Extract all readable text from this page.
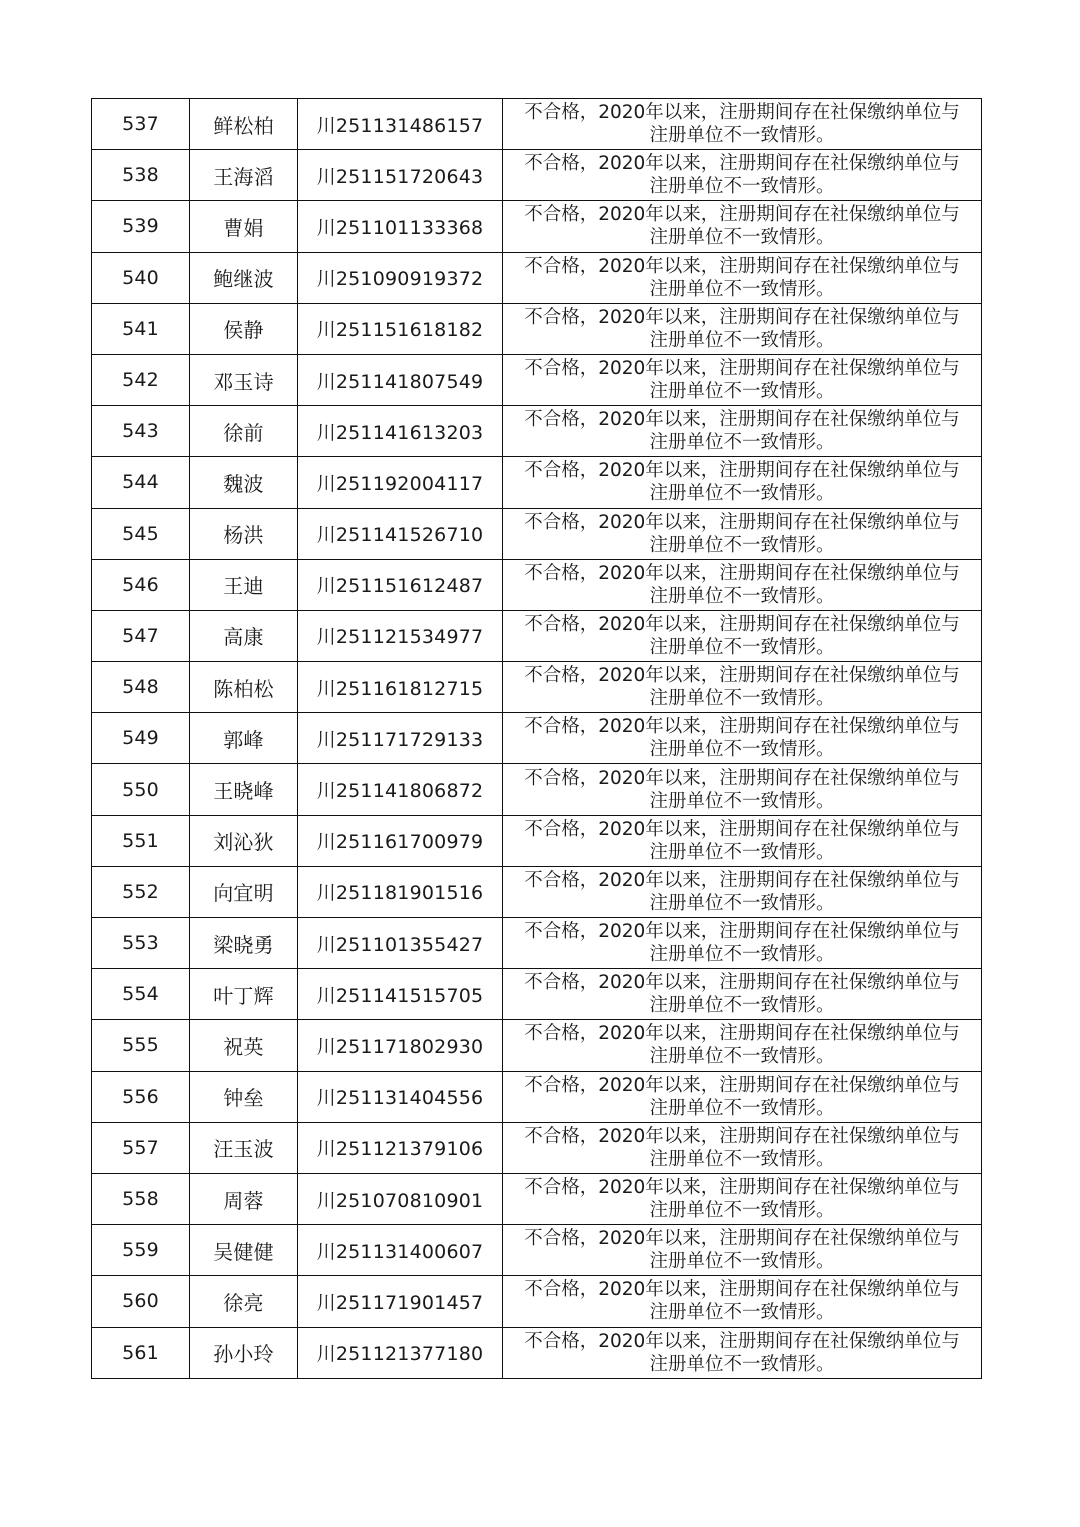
537	鲜松柏	川251131486157	不合格，2020年以来，注册期间存在社保缴纳单位与
注册单位不一致情形。

538	王海滔	川251151720643	不合格，2020年以来，注册期间存在社保缴纳单位与
注册单位不一致情形。

539	曹娟	川251101133368	不合格，2020年以来，注册期间存在社保缴纳单位与
注册单位不一致情形。

540	鲍继波	川251090919372	不合格，2020年以来，注册期间存在社保缴纳单位与
注册单位不一致情形。

541	侯静	川251151618182	不合格，2020年以来，注册期间存在社保缴纳单位与
注册单位不一致情形。

542	邓玉诗	川251141807549	不合格，2020年以来，注册期间存在社保缴纳单位与
注册单位不一致情形。

543	徐前	川251141613203	不合格，2020年以来，注册期间存在社保缴纳单位与
注册单位不一致情形。

544	魏波	川251192004117	不合格，2020年以来，注册期间存在社保缴纳单位与
注册单位不一致情形。

545	杨洪	川251141526710	不合格，2020年以来，注册期间存在社保缴纳单位与
注册单位不一致情形。

546	王迪	川251151612487	不合格，2020年以来，注册期间存在社保缴纳单位与
注册单位不一致情形。

547	高康	川251121534977	不合格，2020年以来，注册期间存在社保缴纳单位与
注册单位不一致情形。

548	陈柏松	川251161812715	不合格，2020年以来，注册期间存在社保缴纳单位与
注册单位不一致情形。

549	郭峰	川251171729133	不合格，2020年以来，注册期间存在社保缴纳单位与
注册单位不一致情形。

550	王晓峰	川251141806872	不合格，2020年以来，注册期间存在社保缴纳单位与
注册单位不一致情形。

551	刘沁狄	川251161700979	不合格，2020年以来，注册期间存在社保缴纳单位与
注册单位不一致情形。

552	向宜明	川251181901516	不合格，2020年以来，注册期间存在社保缴纳单位与
注册单位不一致情形。

553	梁晓勇	川251101355427	不合格，2020年以来，注册期间存在社保缴纳单位与
注册单位不一致情形。

554	叶丁辉	川251141515705	不合格，2020年以来，注册期间存在社保缴纳单位与
注册单位不一致情形。

555	祝英	川251171802930	不合格，2020年以来，注册期间存在社保缴纳单位与
注册单位不一致情形。

556	钟垒	川251131404556	不合格，2020年以来，注册期间存在社保缴纳单位与
注册单位不一致情形。

557	汪玉波	川251121379106	不合格，2020年以来，注册期间存在社保缴纳单位与
注册单位不一致情形。

558	周蓉	川251070810901	不合格，2020年以来，注册期间存在社保缴纳单位与
注册单位不一致情形。

559	吴健健	川251131400607	不合格，2020年以来，注册期间存在社保缴纳单位与
注册单位不一致情形。

560	徐亮	川251171901457	不合格，2020年以来，注册期间存在社保缴纳单位与
注册单位不一致情形。

561	孙小玲	川251121377180	不合格，2020年以来，注册期间存在社保缴纳单位与
注册单位不一致情形。
